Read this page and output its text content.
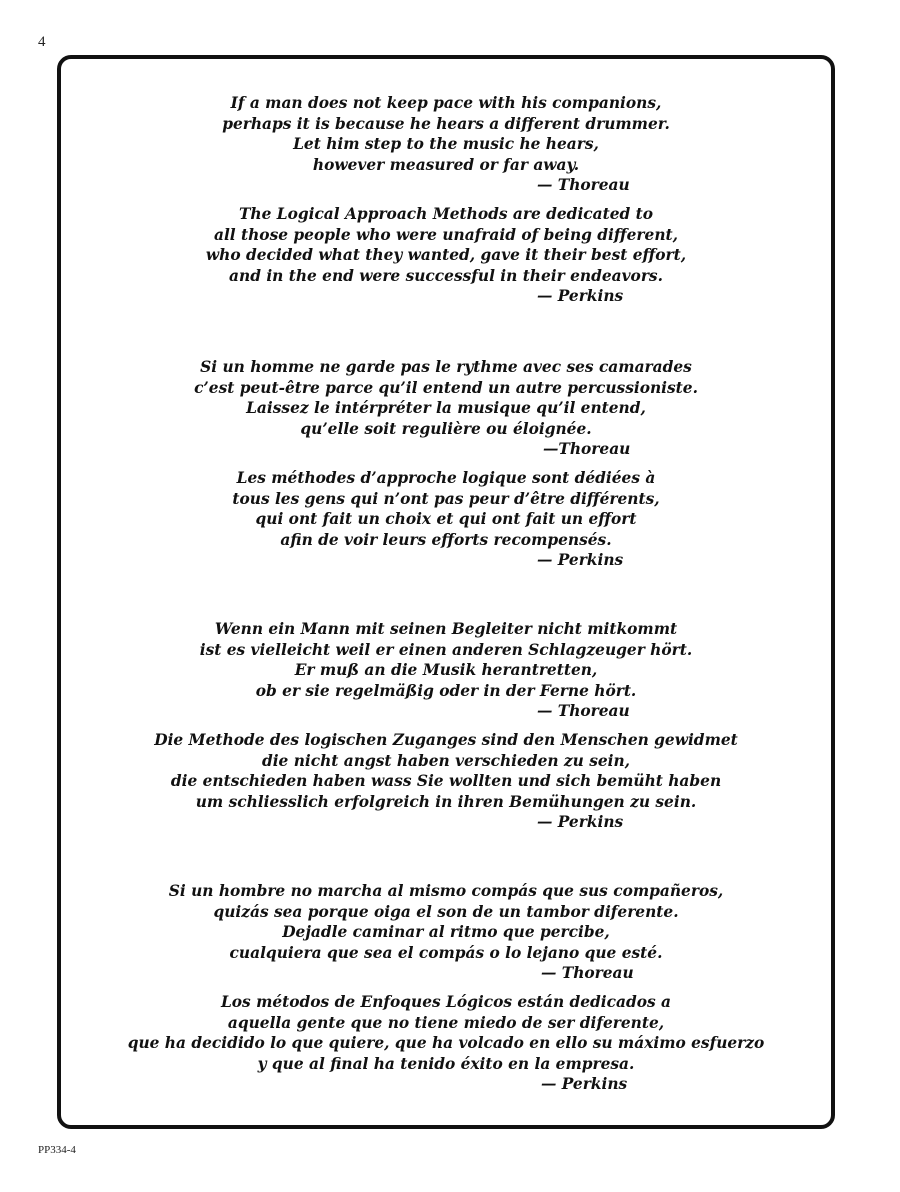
4
If a man does not keep pace with his companions,
perhaps it is because he hears a different drummer.
Let him step to the music he hears,
however measured or far away.
— Thoreau
The Logical Approach Methods are dedicated to
all those people who were unafraid of being different,
who decided what they wanted, gave it their best effort,
and in the end were successful in their endeavors.
— Perkins
Si un homme ne garde pas le rythme avec ses camarades
c’est peut-être parce qu’il entend un autre percussioniste.
Laissez le intérpréter la musique qu’il entend,
qu’elle soit regulière ou éloignée.
—Thoreau
Les méthodes d’approche logique sont dédiées à
tous les gens qui n’ont pas peur d’être différents,
qui ont fait un choix et qui ont fait un effort
afin de voir leurs efforts recompensés.
— Perkins
Wenn ein Mann mit seinen Begleiter nicht mitkommt
ist es vielleicht weil er einen anderen Schlagzeuger hört.
Er muß an die Musik herantretten,
ob er sie regelmäßig oder in der Ferne hört.
— Thoreau
Die Methode des logischen Zuganges sind den Menschen gewidmet
die nicht angst haben verschieden zu sein,
die entschieden haben wass Sie wollten und sich bemüht haben
um schliesslich erfolgreich in ihren Bemühungen zu sein.
— Perkins
Si un hombre no marcha al mismo compás que sus compañeros,
quizás sea porque oiga el son de un tambor diferente.
Dejadle caminar al ritmo que percibe,
cualquiera que sea el compás o lo lejano que esté.
— Thoreau
Los métodos de Enfoques Lógicos están dedicados a
aquella gente que no tiene miedo de ser diferente,
que ha decidido lo que quiere, que ha volcado en ello su máximo esfuerzo
y que al final ha tenido éxito en la empresa.
— Perkins
PP334-4
